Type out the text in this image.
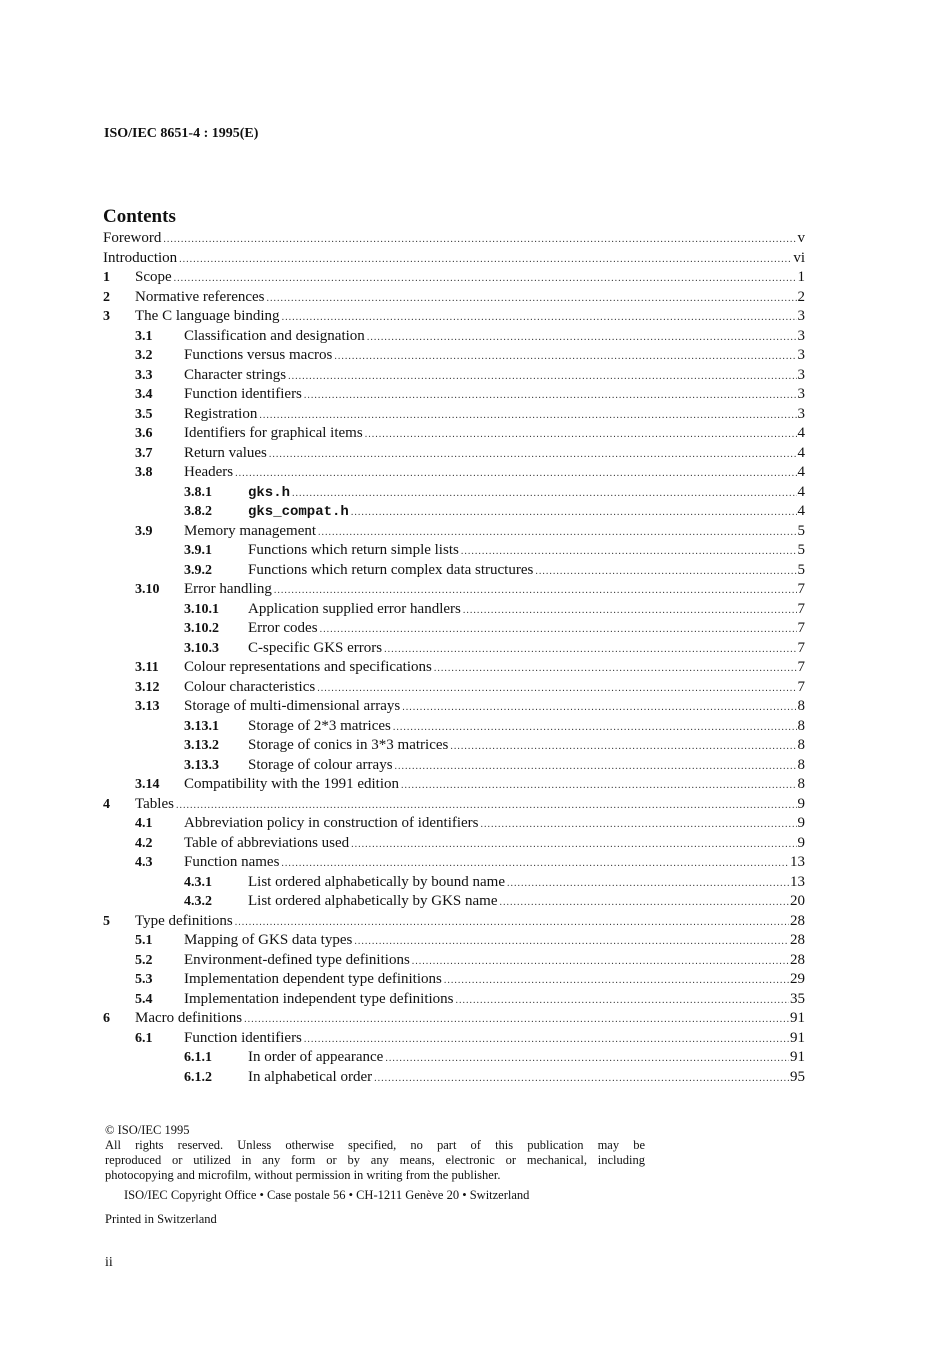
ISO/IEC 8651-4 : 1995(E)
Contents
Foreword .....	v
Introduction .....	vi
1 Scope .....	1
2 Normative references .....	2
3 The C language binding .....	3
3.1 Classification and designation .....	3
3.2 Functions versus macros .....	3
3.3 Character strings .....	3
3.4 Function identifiers .....	3
3.5 Registration .....	3
3.6 Identifiers for graphical items .....	4
3.7 Return values .....	4
3.8 Headers .....	4
3.8.1	gks.h .....	4
3.8.2	gks_compat.h .....	4
3.9 Memory management .....	5
3.9.1 Functions which return simple lists .....	5
3.9.2 Functions which return complex data structures .....	5
3.10 Error handling .....	7
3.10.1 Application supplied error handlers .....	7
3.10.2 Error codes .....	7
3.10.3 C-specific GKS errors .....	7
3.11 Colour representations and specifications .....	7
3.12 Colour characteristics .....	7
3.13 Storage of multi-dimensional arrays .....	8
3.13.1 Storage of 2*3 matrices .....	8
3.13.2 Storage of conics in 3*3 matrices .....	8
3.13.3 Storage of colour arrays .....	8
3.14 Compatibility with the 1991 edition .....	8
4 Tables .....	9
4.1 Abbreviation policy in construction of identifiers .....	9
4.2 Table of abbreviations used .....	9
4.3 Function names .....	13
4.3.1 List ordered alphabetically by bound name .....	13
4.3.2 List ordered alphabetically by GKS name .....	20
5 Type definitions .....	28
5.1 Mapping of GKS data types .....	28
5.2 Environment-defined type definitions .....	28
5.3 Implementation dependent type definitions .....	29
5.4 Implementation independent type definitions .....	35
6 Macro definitions .....	91
6.1 Function identifiers .....	91
6.1.1 In order of appearance .....	91
6.1.2 In alphabetical order .....	95
© ISO/IEC 1995
All rights reserved. Unless otherwise specified, no part of this publication may be
reproduced or utilized in any form or by any means, electronic or mechanical, including
photocopying and microfilm, without permission in writing from the publisher.
ISO/IEC Copyright Office • Case postale 56 • CH-1211 Genève 20 • Switzerland
Printed in Switzerland
ii
